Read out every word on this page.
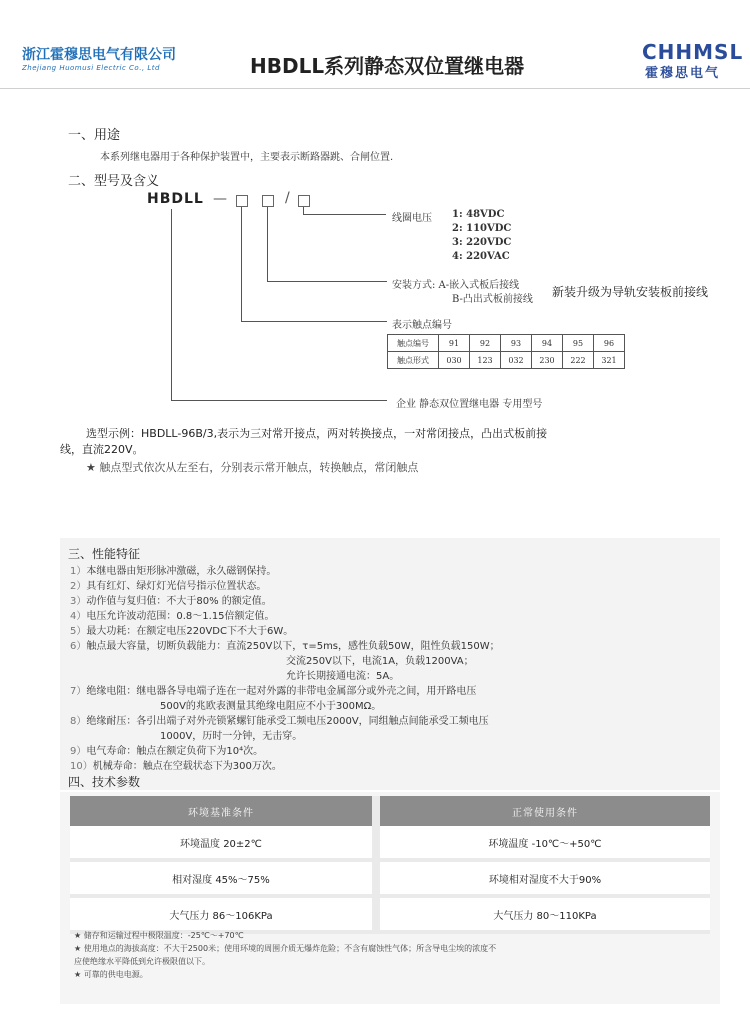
浙江霍穆思电气有限公司
Zhejiang Huomusi Electric Co., Ltd	HBDLL系列静态双位置继电器
CHHMSL
霍穆思电气
一、用途
本系列继电器用于各种保护装置中，主要表示断路器跳、合闸位置.
二、型号及含义
HBDLL —	/
线圈电压 1: 48VDC
2: 110VDC
3: 220VDC
4: 220VAC
安装方式: A-嵌入式板后接线
B-凸出式板前接线
新装升级为导轨安装板前接线
表示触点编号
触点编号	91	92	93	94	95	96
触点形式	030	123	032	230	222	321
企业 静态双位置继电器 专用型号
选型示例：HBDLL-96B/3,表示为三对常开接点，两对转换接点，一对常闭接点，凸出式板前接
线，直流220V。
★ 触点型式依次从左至右，分别表示常开触点，转换触点，常闭触点
三、性能特征
1）本继电器由矩形脉冲激磁，永久磁钢保持。
2）具有红灯、绿灯灯光信号指示位置状态。
3）动作值与复归值：不大于80% 的额定值。
4）电压允许波动范围：0.8～1.15倍额定值。
5）最大功耗：在额定电压220VDC下不大于6W。
6）触点最大容量，切断负载能力：直流250V以下，τ=5ms，感性负载50W，阻性负载150W；
交流250V以下，电流1A，负载1200VA；
允许长期接通电流：5A。
7）绝缘电阻：继电器各导电端子连在一起对外露的非带电金属部分或外壳之间，用开路电压
500V的兆欧表测量其绝缘电阻应不小于300MΩ。
8）绝缘耐压：各引出端子对外壳锁紧螺钉能承受工频电压2000V，同组触点间能承受工频电压
1000V，历时一分钟，无击穿。
9）电气寿命：触点在额定负荷下为10⁴次。
10）机械寿命：触点在空载状态下为300万次。
四、技术参数
环境基准条件		正常使用条件
环境温度 20±2℃		环境温度 -10℃～+50℃
相对湿度 45%～75%		环境相对湿度不大于90%
大气压力 86～106KPa		大气压力 80～110KPa
★ 储存和运输过程中极限温度：-25℃～+70℃
★ 使用地点的海拔高度：不大于2500米；使用环境的周围介质无爆炸危险；不含有腐蚀性气体；所含导电尘埃的浓度不
应使绝缘水平降低到允许极限值以下。
★ 可靠的供电电源。
